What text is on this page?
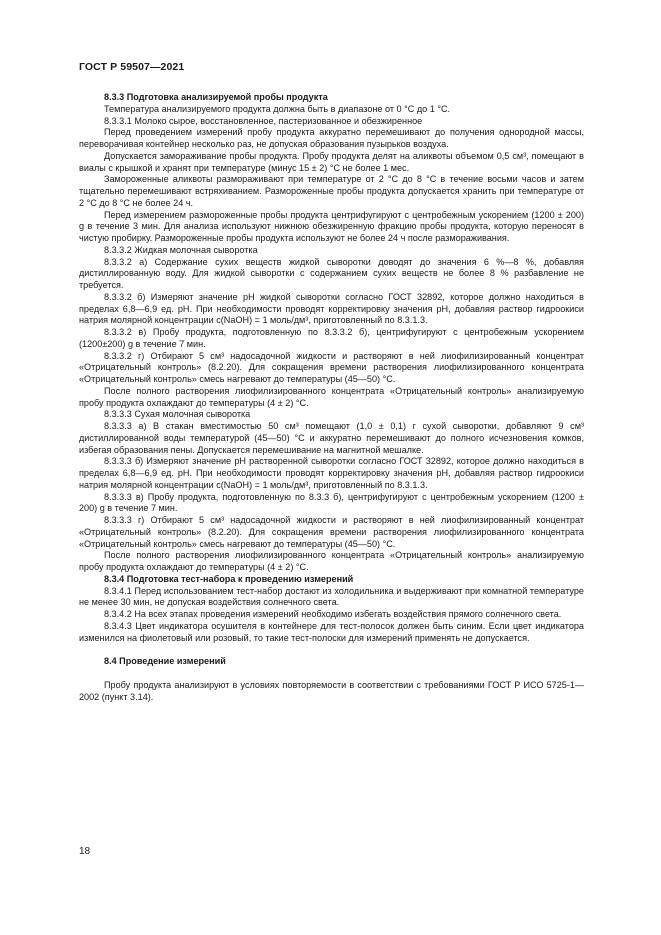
ГОСТ Р 59507—2021

8.3.3 Подготовка анализируемой пробы продукта

Температура анализируемого продукта должна быть в диапазоне от 0 °С до 1 °С.

8.3.3.1 Молоко сырое, восстановленное, пастеризованное и обезжиренное

Перед проведением измерений пробу продукта аккуратно перемешивают до получения однородной массы, переворачивая контейнер несколько раз, не допуская образования пузырьков воздуха.

Допускается замораживание пробы продукта. Пробу продукта делят на аликвоты объемом 0,5 см³, помещают в виалы с крышкой и хранят при температуре (минус 15 ± 2) °С не более 1 мес.

Замороженные аликвоты размораживают при температуре от 2 °С до 8 °С в течение восьми часов и затем тщательно перемешивают встряхиванием. Размороженные пробы продукта допускается хранить при температуре от 2 °С до 8 °С не более 24 ч.

Перед измерением размороженные пробы продукта центрифугируют с центробежным ускорением (1200 ± 200) g в течение 3 мин. Для анализа используют нижнюю обезжиренную фракцию пробы продукта, которую переносят в чистую пробирку. Размороженные пробы продукта используют не более 24 ч после размораживания.

8.3.3.2 Жидкая молочная сыворотка

8.3.3.2 а) Содержание сухих веществ жидкой сыворотки доводят до значения 6 %—8 %, добавляя дистиллированную воду. Для жидкой сыворотки с содержанием сухих веществ не более 8 % разбавление не требуется.

8.3.3.2 б) Измеряют значение рН жидкой сыворотки согласно ГОСТ 32892, которое должно находиться в пределах 6,8—6,9 ед. рН. При необходимости проводят корректировку значения рН, добавляя раствор гидроокиси натрия молярной концентрации c(NaOH) = 1 моль/дм³, приготовленный по 8.3.1.3.

8.3.3.2 в) Пробу продукта, подготовленную по 8.3.3.2 б), центрифугируют с центробежным ускорением (1200±200) g в течение 7 мин.

8.3.3.2 г) Отбирают 5 см³ надосадочной жидкости и растворяют в ней лиофилизированный концентрат «Отрицательный контроль» (8.2.20). Для сокращения времени растворения лиофилизированного концентрата «Отрицательный контроль» смесь нагревают до температуры (45—50) °С.

После полного растворения лиофилизированного концентрата «Отрицательный контроль» анализируемую пробу продукта охлаждают до температуры (4 ± 2) °С.

8.3.3.3 Сухая молочная сыворотка

8.3.3.3 а) В стакан вместимостью 50 см³ помещают (1,0 ± 0,1) г сухой сыворотки, добавляют 9 см³ дистиллированной воды температурой (45—50) °С и аккуратно перемешивают до полного исчезновения комков, избегая образования пены. Допускается перемешивание на магнитной мешалке.

8.3.3.3 б) Измеряют значение рН растворенной сыворотки согласно ГОСТ 32892, которое должно находиться в пределах 6,8—6,9 ед. рН. При необходимости проводят корректировку значения рН, добавляя раствор гидроокиси натрия молярной концентрации c(NaOH) = 1 моль/дм³, приготовленный по 8.3.1.3.

8.3.3.3 в) Пробу продукта, подготовленную по 8.3.3 б), центрифугируют с центробежным ускорением (1200 ± 200) g в течение 7 мин.

8.3.3.3 г) Отбирают 5 см³ надосадочной жидкости и растворяют в ней лиофилизированный концентрат «Отрицательный контроль» (8.2.20). Для сокращения времени растворения лиофилизированного концентрата «Отрицательный контроль» смесь нагревают до температуры (45—50) °С.

После полного растворения лиофилизированного концентрата «Отрицательный контроль» анализируемую пробу продукта охлаждают до температуры (4 ± 2) °С.

8.3.4 Подготовка тест-набора к проведению измерений

8.3.4.1 Перед использованием тест-набор достают из холодильника и выдерживают при комнатной температуре не менее 30 мин, не допуская воздействия солнечного света.

8.3.4.2 На всех этапах проведения измерений необходимо избегать воздействия прямого солнечного света.

8.3.4.3 Цвет индикатора осушителя в контейнере для тест-полосок должен быть синим. Если цвет индикатора изменился на фиолетовый или розовый, то такие тест-полоски для измерений применять не допускается.

8.4 Проведение измерений

Пробу продукта анализируют в условиях повторяемости в соответствии с требованиями ГОСТ Р ИСО 5725-1—2002 (пункт 3.14).

18
